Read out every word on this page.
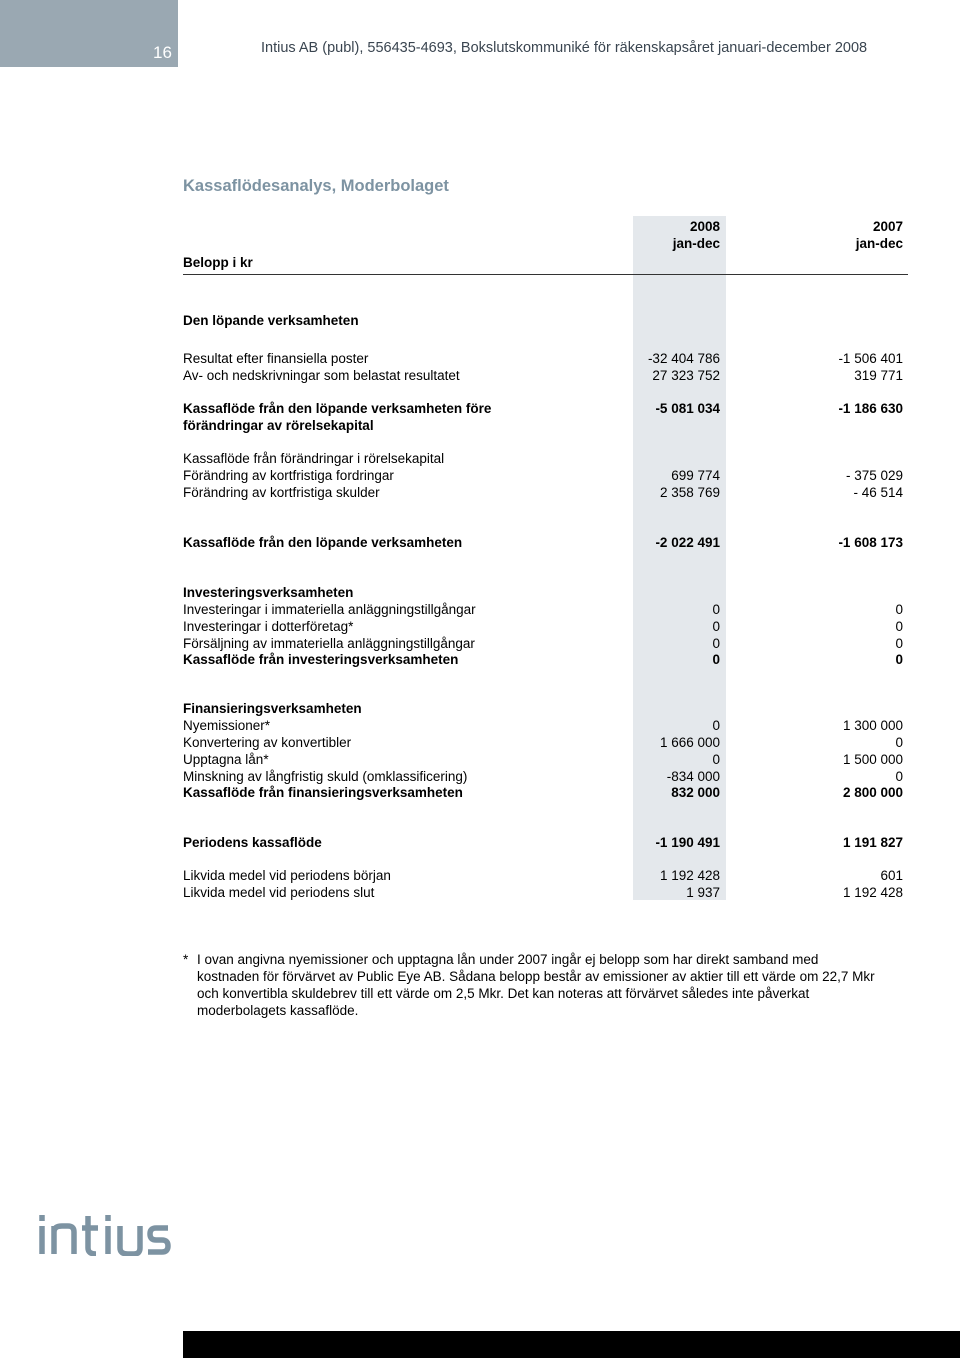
16	Intius AB (publ), 556435-4693, Bokslutskommuniké för räkenskapsåret januari-december 2008
Kassaflödesanalys, Moderbolaget
2008	2007
jan-dec	jan-dec
Belopp i kr
Den löpande verksamheten
Resultat efter finansiella poster	-32 404 786	-1 506 401
Av- och nedskrivningar som belastat resultatet	27 323 752	319 771
Kassaflöde från den löpande verksamheten före	-5 081 034	-1 186 630
förändringar av rörelsekapital
Kassaflöde från förändringar i rörelsekapital
Förändring av kortfristiga fordringar	699 774	- 375 029
Förändring av kortfristiga skulder	2 358 769	- 46 514
Kassaflöde från den löpande verksamheten	-2 022 491	-1 608 173
Investeringsverksamheten
Investeringar i immateriella anläggningstillgångar	0	0
Investeringar i dotterföretag*	0	0
Försäljning av immateriella anläggningstillgångar	0	0
Kassaflöde från investeringsverksamheten	0	0
Finansieringsverksamheten
Nyemissioner*	0	1 300 000
Konvertering av konvertibler	1 666 000	0
Upptagna lån*	0	1 500 000
Minskning av långfristig skuld (omklassificering)	-834 000	0
Kassaflöde från finansieringsverksamheten	832 000	2 800 000
Periodens kassaflöde	-1 190 491	1 191 827
Likvida medel vid periodens början	1 192 428	601
Likvida medel vid periodens slut	1 937	1 192 428
* I ovan angivna nyemissioner och upptagna lån under 2007 ingår ej belopp som har direkt samband med kostnaden för förvärvet av Public Eye AB. Sådana belopp består av emissioner av aktier till ett värde om 22,7 Mkr och konvertibla skuldebrev till ett värde om 2,5 Mkr. Det kan noteras att förvärvet således inte påverkat moderbolagets kassaflöde.
